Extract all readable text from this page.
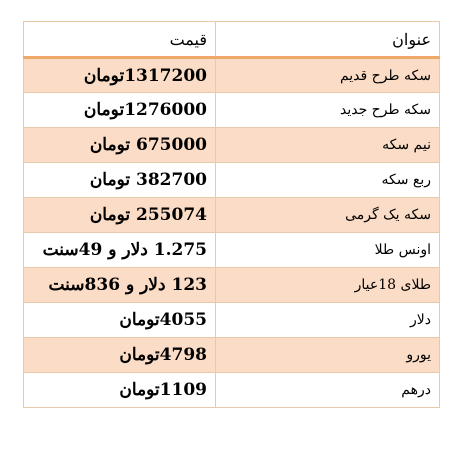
عنوان	قیمت
سکه طرح قدیم	1317200تومان
سکه طرح جدید	1276000تومان
نیم سکه	675000 تومان
ربع سکه	382700 تومان
سکه یک گرمی	255074 تومان
اونس طلا	1.275 دلار و 49سنت
طلای 18عیار	123 دلار و 836سنت
دلار	4055تومان
یورو	4798تومان
درهم	1109تومان
